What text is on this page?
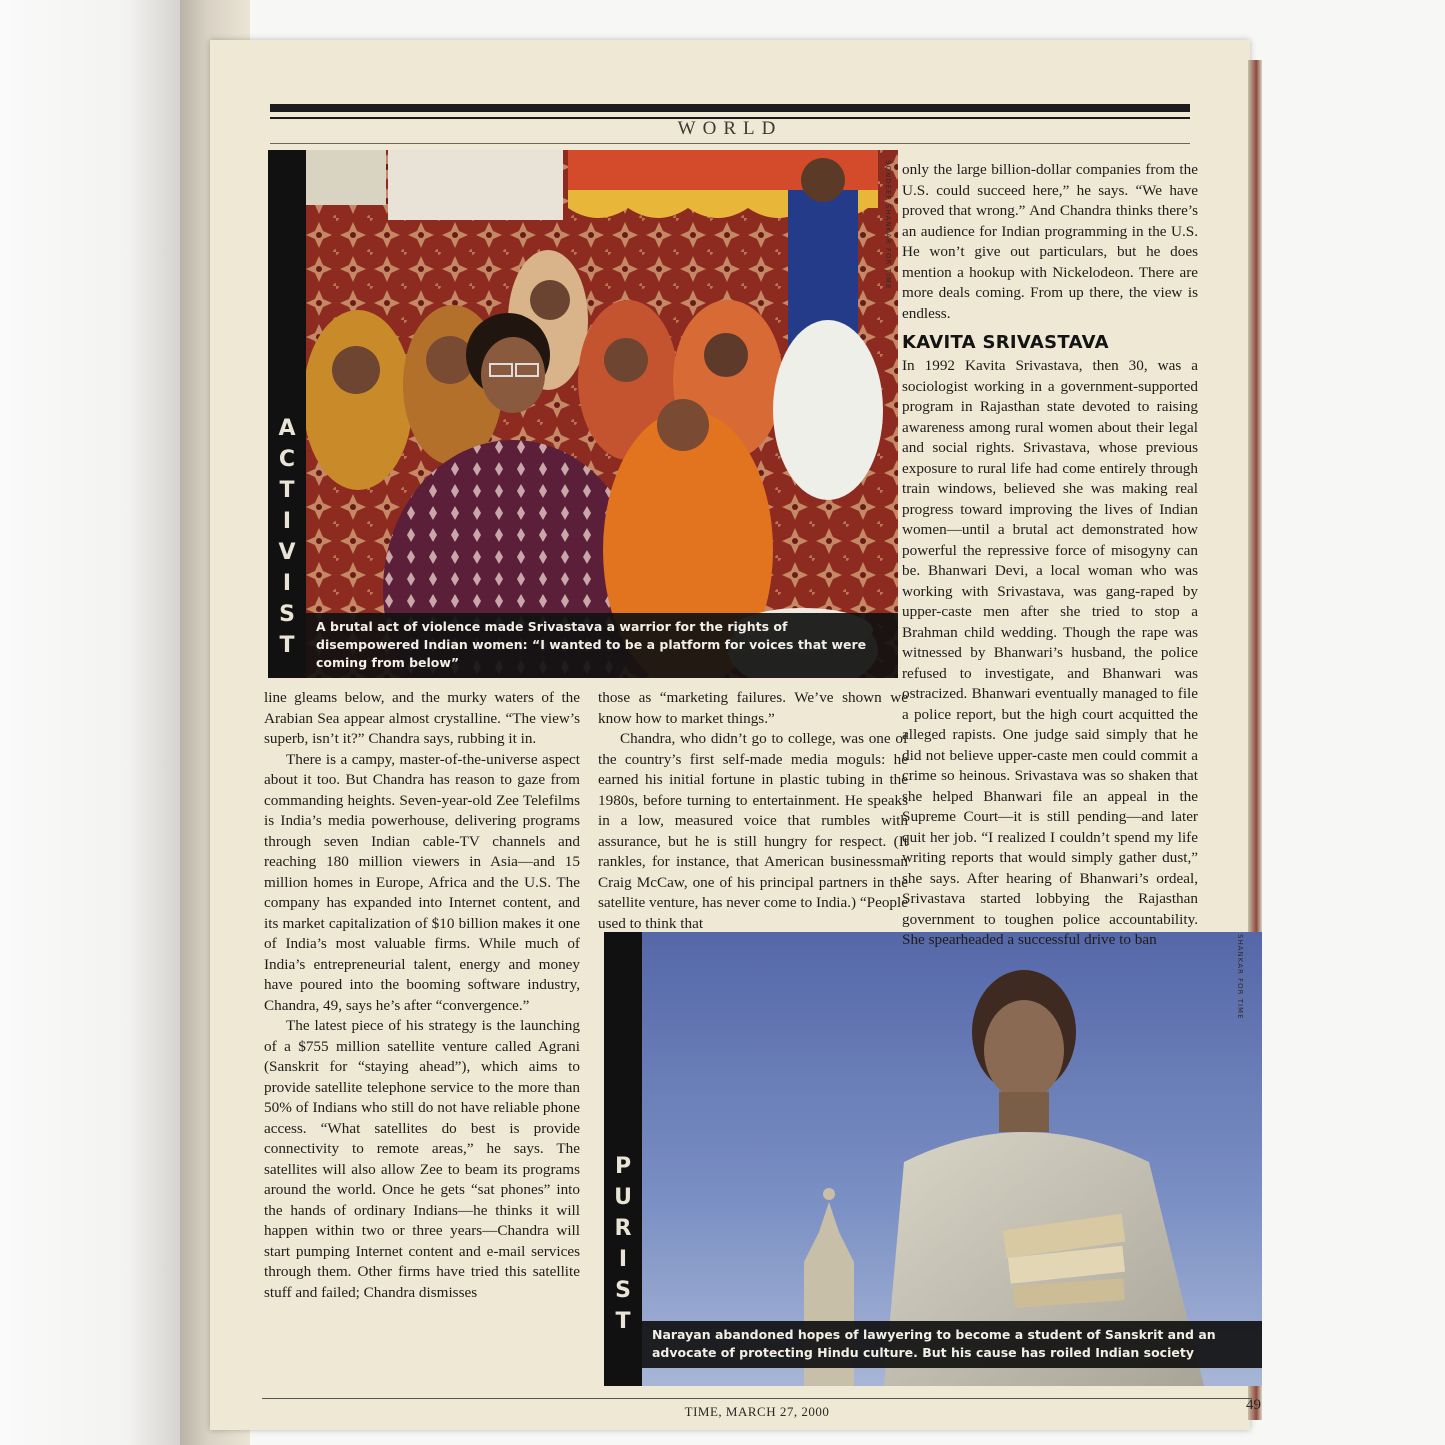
WORLD
ACTIVIST	A brutal act of violence made Srivastava a warrior for the rights of disempowered Indian women: “I wanted to be a platform for voices that were coming from below”
SONDEEP SHANKAR FOR TIME
PURIST	Narayan abandoned hopes of lawyering to become a student of Sanskrit and an advocate of protecting Hindu culture. But his cause has roiled Indian society
SHANKAR FOR TIME

line gleams below, and the murky waters of the Arabian Sea appear almost crystalline. “The view’s superb, isn’t it?” Chandra says, rubbing it in.

There is a campy, master-of-the-universe aspect about it too. But Chandra has reason to gaze from commanding heights. Seven-year-old Zee Telefilms is India’s media powerhouse, delivering programs through seven Indian cable-TV channels and reaching 180 million viewers in Asia—and 15 million homes in Europe, Africa and the U.S. The company has expanded into Internet content, and its market capitalization of $10 billion makes it one of India’s most valuable firms. While much of India’s entrepreneurial talent, energy and money have poured into the booming software industry, Chandra, 49, says he’s after “convergence.”

The latest piece of his strategy is the launching of a $755 million satellite venture called Agrani (Sanskrit for “staying ahead”), which aims to provide satellite telephone service to the more than 50% of Indians who still do not have reliable phone access. “What satellites do best is provide connectivity to remote areas,” he says. The satellites will also allow Zee to beam its programs around the world. Once he gets “sat phones” into the hands of ordinary Indians—he thinks it will happen within two or three years—Chandra will start pumping Internet content and e-mail services through them. Other firms have tried this satellite stuff and failed; Chandra dismisses

those as “marketing failures. We’ve shown we know how to market things.”

Chandra, who didn’t go to college, was one of the country’s first self-made media moguls: he earned his initial fortune in plastic tubing in the 1980s, before turning to entertainment. He speaks in a low, measured voice that rumbles with assurance, but he is still hungry for respect. (It rankles, for instance, that American businessman Craig McCaw, one of his principal partners in the satellite venture, has never come to India.) “People used to think that

only the large billion-dollar companies from the U.S. could succeed here,” he says. “We have proved that wrong.” And Chandra thinks there’s an audience for Indian programming in the U.S. He won’t give out particulars, but he does mention a hookup with Nickelodeon. There are more deals coming. From up there, the view is endless.

KAVITA SRIVASTAVA

In 1992 Kavita Srivastava, then 30, was a sociologist working in a government-supported program in Rajasthan state devoted to raising awareness among rural women about their legal and social rights. Srivastava, whose previous exposure to rural life had come entirely through train windows, believed she was making real progress toward improving the lives of Indian women—until a brutal act demonstrated how powerful the repressive force of misogyny can be. Bhanwari Devi, a local woman who was working with Srivastava, was gang-raped by upper-caste men after she tried to stop a Brahman child wedding. Though the rape was witnessed by Bhanwari’s husband, the police refused to investigate, and Bhanwari was ostracized. Bhanwari eventually managed to file a police report, but the high court acquitted the alleged rapists. One judge said simply that he did not believe upper-caste men could commit a crime so heinous. Srivastava was so shaken that she helped Bhanwari file an appeal in the Supreme Court—it is still pending—and later quit her job. “I realized I couldn’t spend my life writing reports that would simply gather dust,” she says. After hearing of Bhanwari’s ordeal, Srivastava started lobbying the Rajasthan government to toughen police accountability. She spearheaded a successful drive to ban

TIME, MARCH 27, 2000	49
